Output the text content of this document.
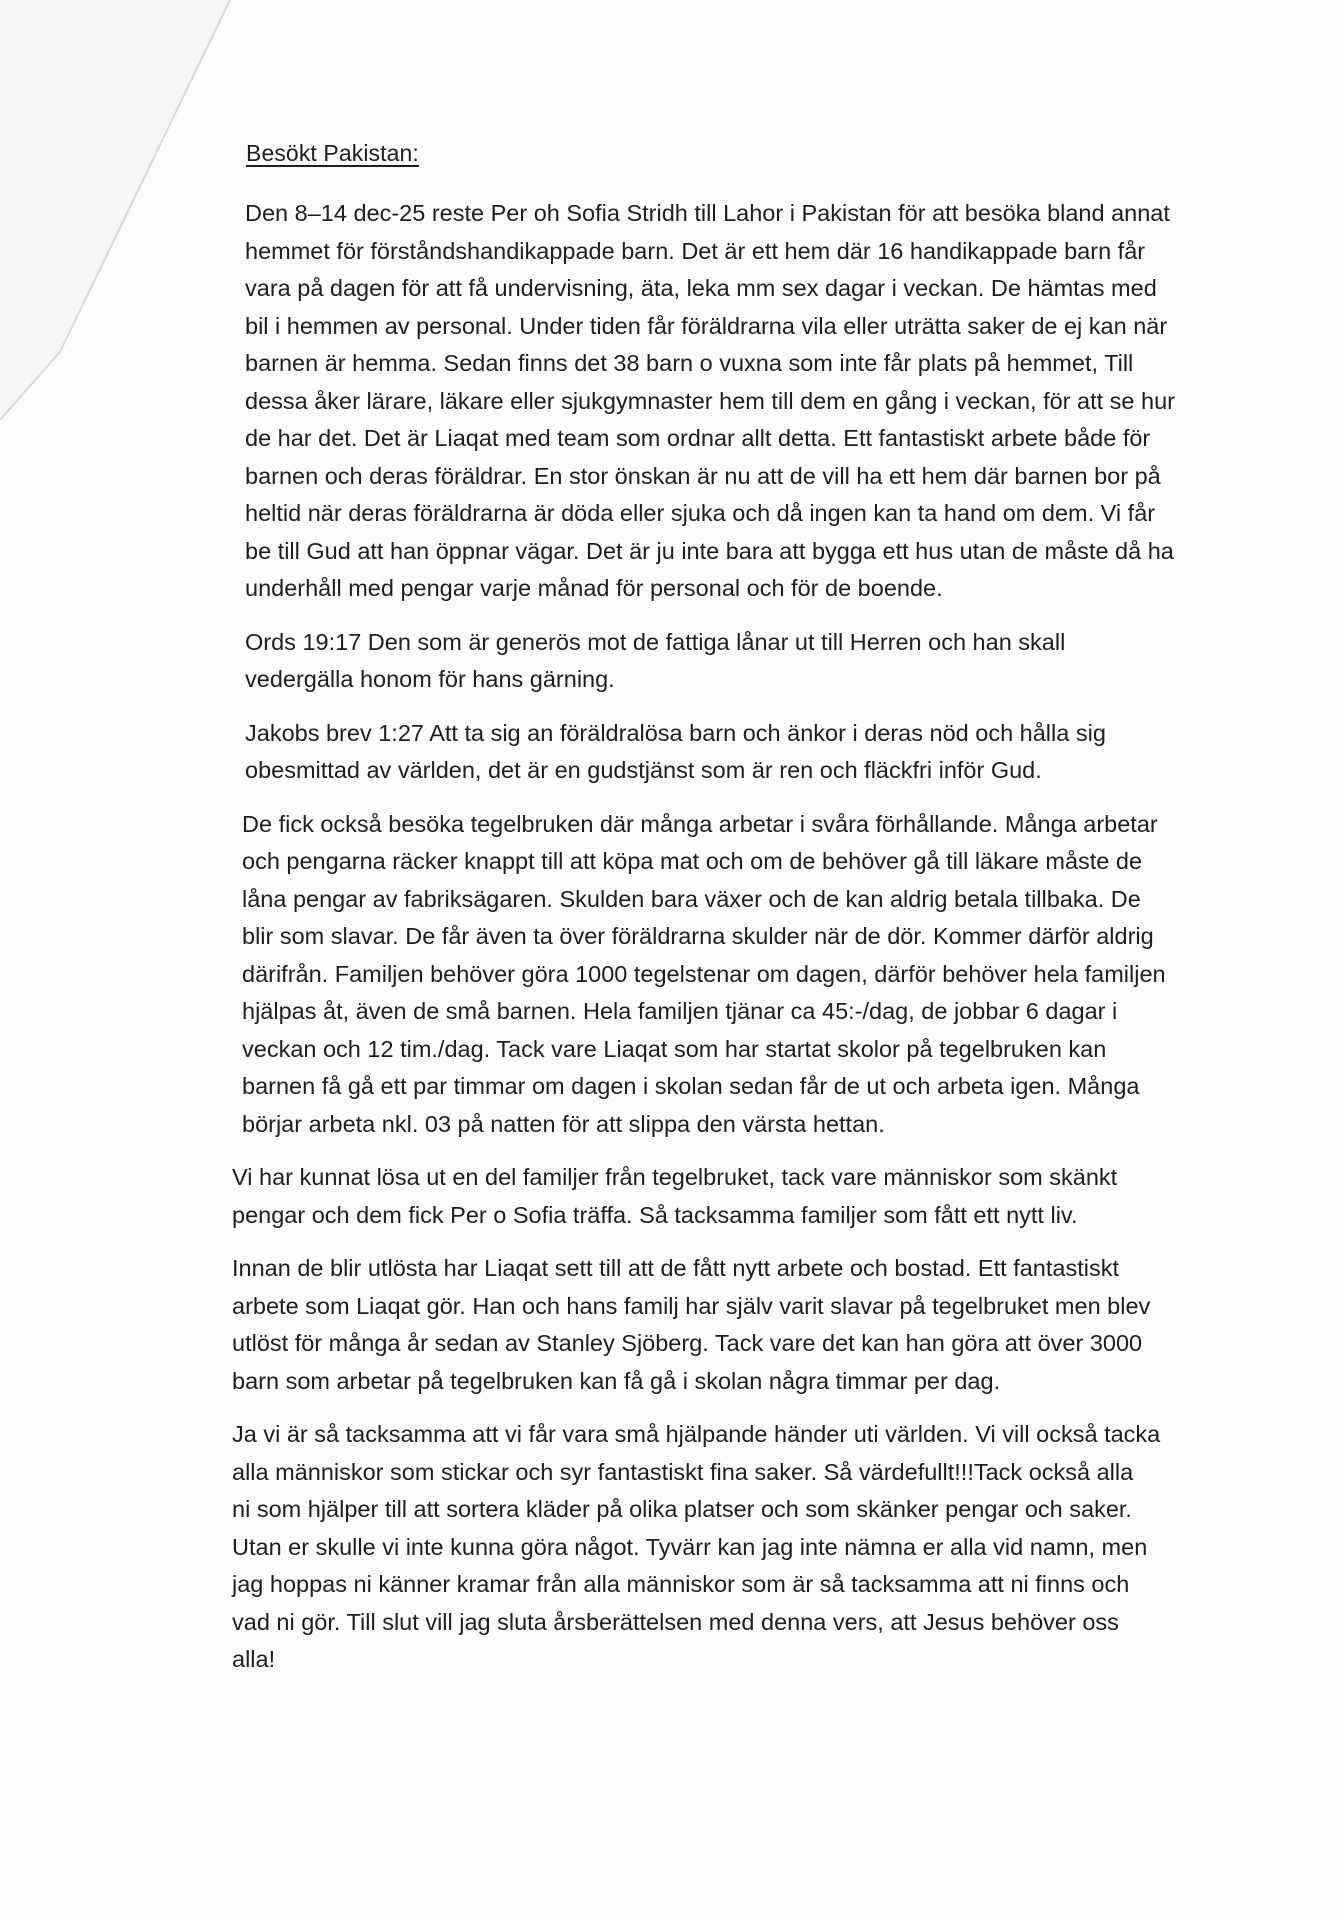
Besökt Pakistan:
Den 8–14 dec-25 reste Per oh Sofia Stridh till Lahor i Pakistan för att besöka bland annat
hemmet för förståndshandikappade barn. Det är ett hem där 16 handikappade barn får
vara på dagen för att få undervisning, äta, leka mm sex dagar i veckan. De hämtas med
bil i hemmen av personal. Under tiden får föräldrarna vila eller uträtta saker de ej kan när
barnen är hemma. Sedan finns det 38 barn o vuxna som inte får plats på hemmet, Till
dessa åker lärare, läkare eller sjukgymnaster hem till dem en gång i veckan, för att se hur
de har det. Det är Liaqat med team som ordnar allt detta. Ett fantastiskt arbete både för
barnen och deras föräldrar. En stor önskan är nu att de vill ha ett hem där barnen bor på
heltid när deras föräldrarna är döda eller sjuka och då ingen kan ta hand om dem. Vi får
be till Gud att han öppnar vägar. Det är ju inte bara att bygga ett hus utan de måste då ha
underhåll med pengar varje månad för personal och för de boende.
Ords 19:17 Den som är generös mot de fattiga lånar ut till Herren och han skall
vedergälla honom för hans gärning.
Jakobs brev 1:27 Att ta sig an föräldralösa barn och änkor i deras nöd och hålla sig
obesmittad av världen, det är en gudstjänst som är ren och fläckfri inför Gud.
De fick också besöka tegelbruken där många arbetar i svåra förhållande. Många arbetar
och pengarna räcker knappt till att köpa mat och om de behöver gå till läkare måste de
låna pengar av fabriksägaren. Skulden bara växer och de kan aldrig betala tillbaka. De
blir som slavar. De får även ta över föräldrarna skulder när de dör. Kommer därför aldrig
därifrån. Familjen behöver göra 1000 tegelstenar om dagen, därför behöver hela familjen
hjälpas åt, även de små barnen. Hela familjen tjänar ca 45:-/dag, de jobbar 6 dagar i
veckan och 12 tim./dag. Tack vare Liaqat som har startat skolor på tegelbruken kan
barnen få gå ett par timmar om dagen i skolan sedan får de ut och arbeta igen. Många
börjar arbeta nkl. 03 på natten för att slippa den värsta hettan.
Vi har kunnat lösa ut en del familjer från tegelbruket, tack vare människor som skänkt
pengar och dem fick Per o Sofia träffa. Så tacksamma familjer som fått ett nytt liv.
Innan de blir utlösta har Liaqat sett till att de fått nytt arbete och bostad. Ett fantastiskt
arbete som Liaqat gör. Han och hans familj har själv varit slavar på tegelbruket men blev
utlöst för många år sedan av Stanley Sjöberg. Tack vare det kan han göra att över 3000
barn som arbetar på tegelbruken kan få gå i skolan några timmar per dag.
Ja vi är så tacksamma att vi får vara små hjälpande händer uti världen. Vi vill också tacka
alla människor som stickar och syr fantastiskt fina saker. Så värdefullt!!!Tack också alla
ni som hjälper till att sortera kläder på olika platser och som skänker pengar och saker.
Utan er skulle vi inte kunna göra något. Tyvärr kan jag inte nämna er alla vid namn, men
jag hoppas ni känner kramar från alla människor som är så tacksamma att ni finns och
vad ni gör. Till slut vill jag sluta årsberättelsen med denna vers, att Jesus behöver oss
alla!
